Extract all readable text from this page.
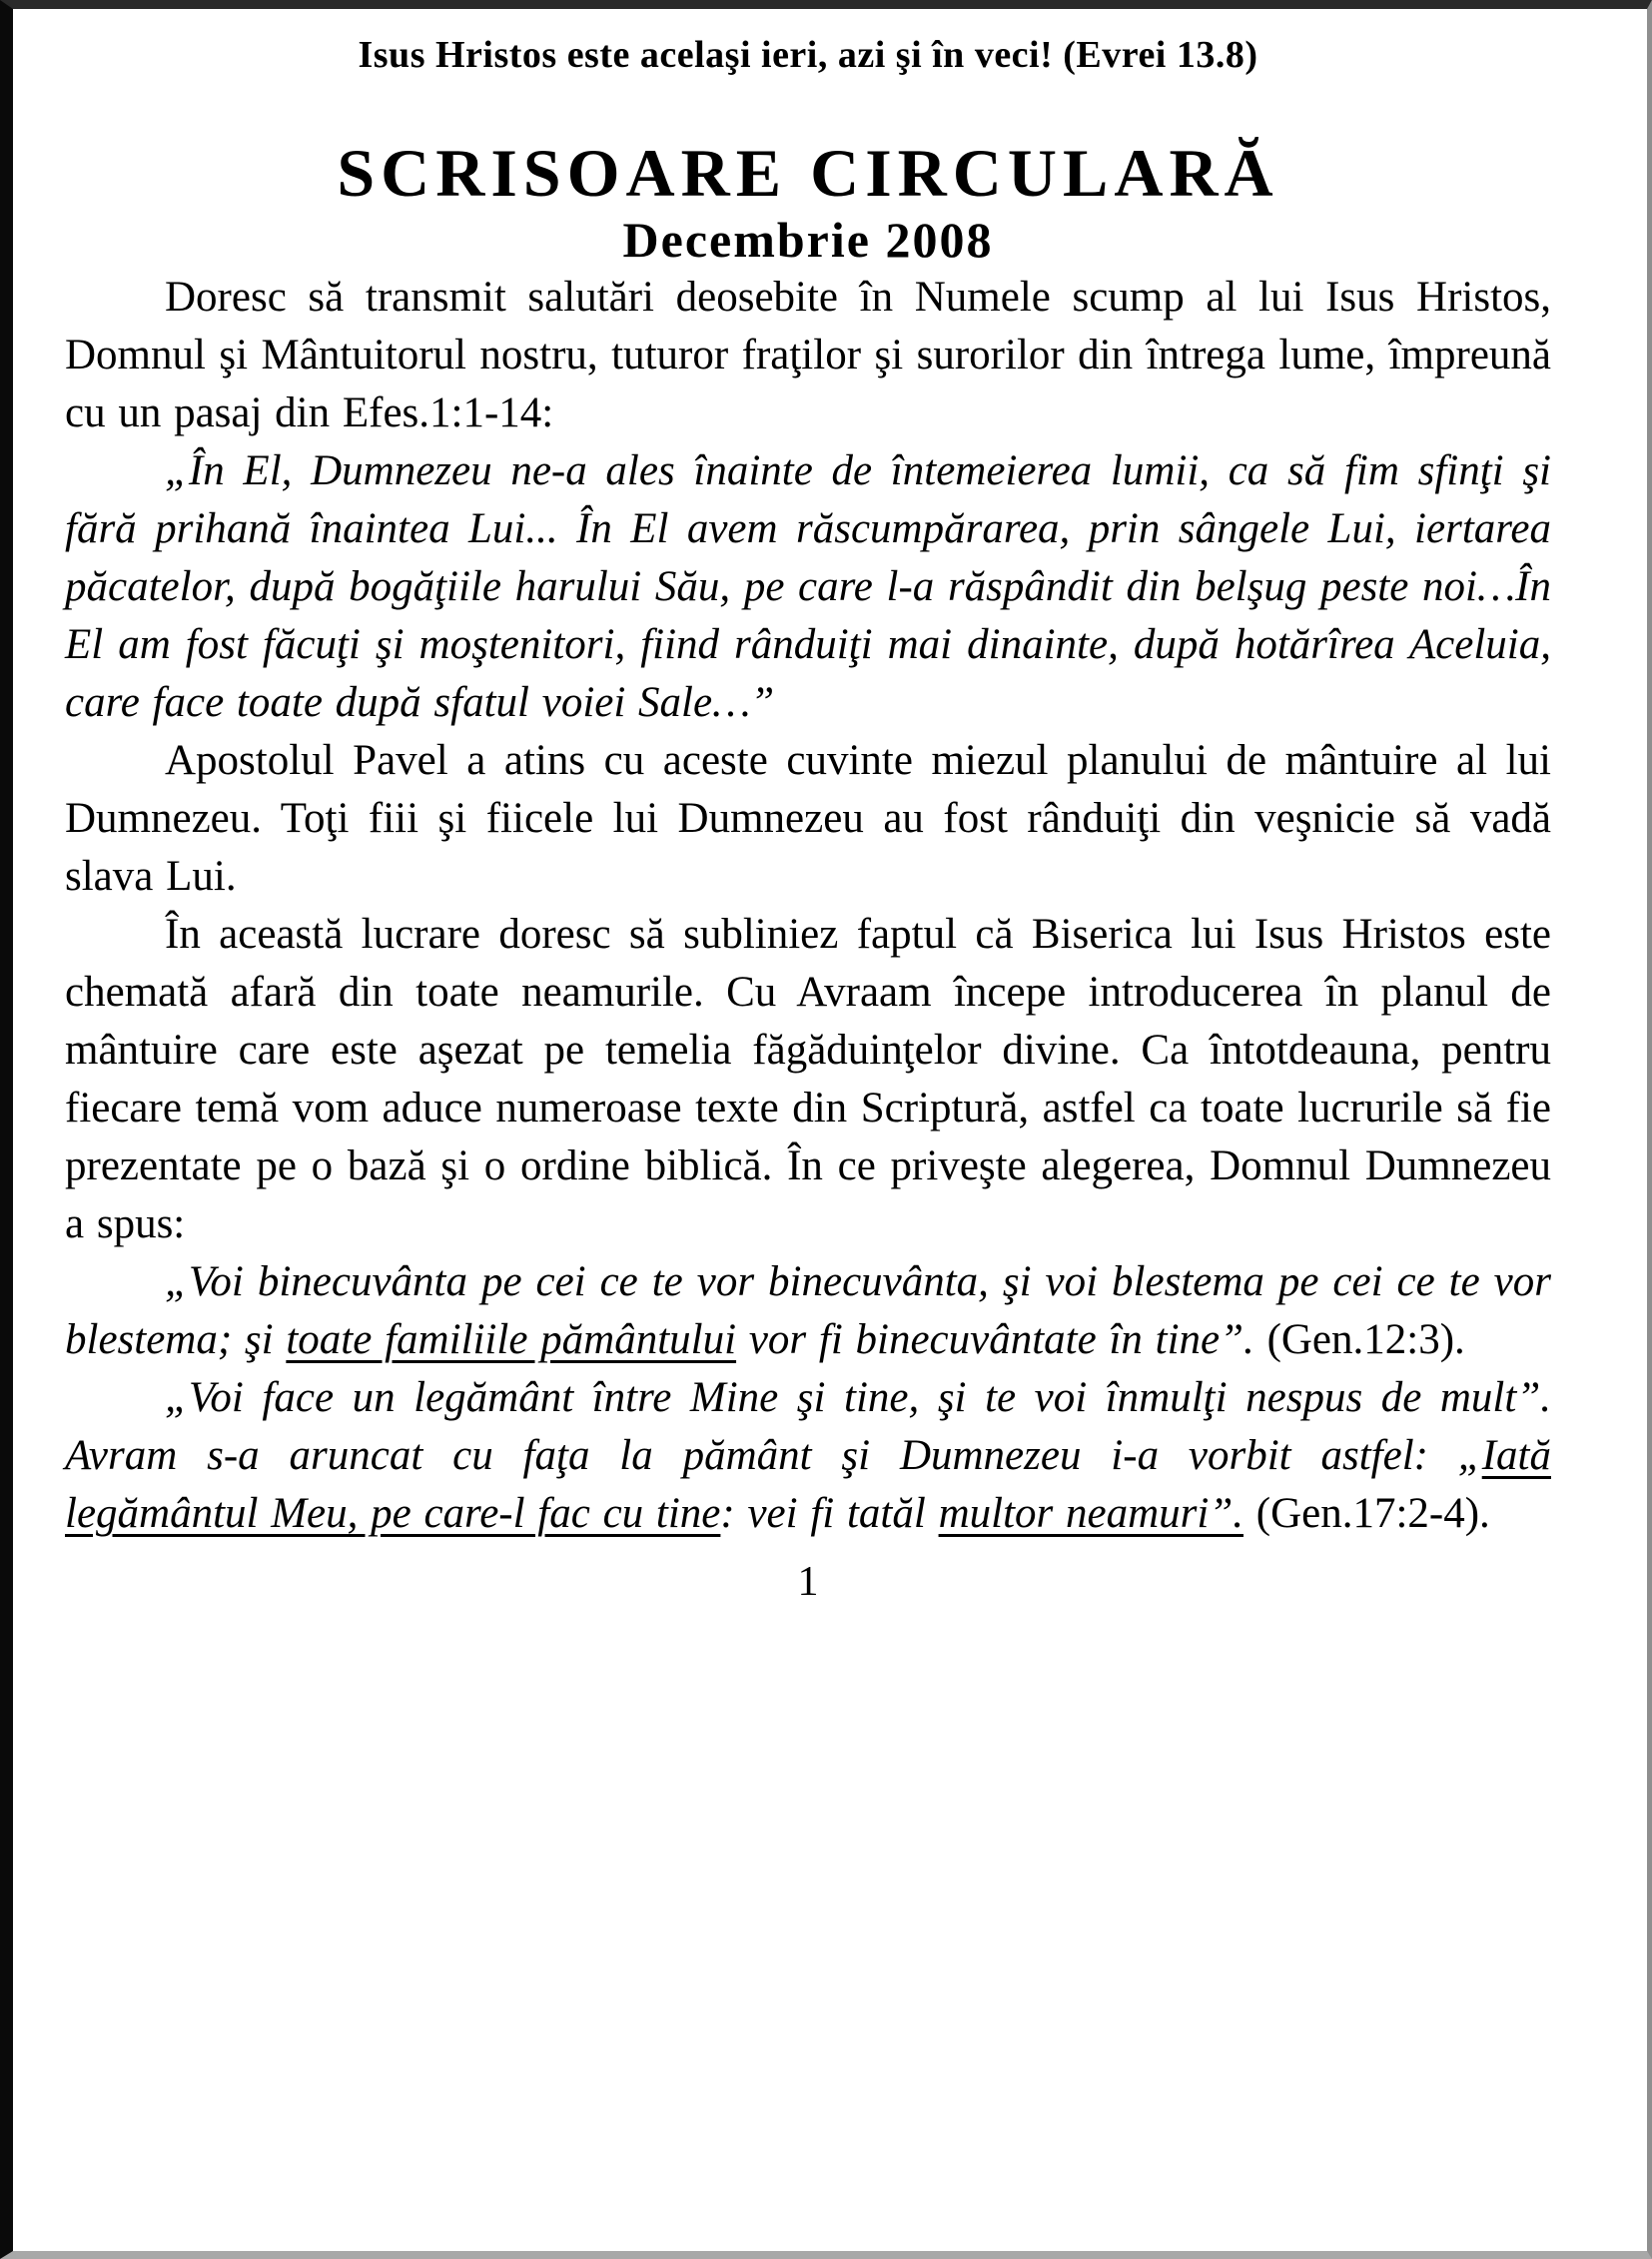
Isus Hristos este acelaşi ieri, azi şi în veci! (Evrei 13.8)
SCRISOARE CIRCULARĂ
Decembrie 2008

Doresc să transmit salutări deosebite în Numele scump al lui Isus Hristos, Domnul şi Mântuitorul nostru, tuturor fraţilor şi surorilor din întrega lume, împreună cu un pasaj din Efes.1:1-14:

„În El, Dumnezeu ne-a ales înainte de întemeierea lumii, ca să fim sfinţi şi fără prihană înaintea Lui... În El avem răscumpărarea, prin sângele Lui, iertarea păcatelor, după bogăţiile harului Său, pe care l-a răspândit din belşug peste noi…În El am fost făcuţi şi moştenitori, fiind rânduiţi mai dinainte, după hotărîrea Aceluia, care face toate după sfatul voiei Sale…”

Apostolul Pavel a atins cu aceste cuvinte miezul planului de mântuire al lui Dumnezeu. Toţi fiii şi fiicele lui Dumnezeu au fost rânduiţi din veşnicie să vadă slava Lui.

În această lucrare doresc să subliniez faptul că Biserica lui Isus Hristos este chemată afară din toate neamurile. Cu Avraam începe introducerea în planul de mântuire care este aşezat pe temelia făgăduinţelor divine. Ca întotdeauna, pentru fiecare temă vom aduce numeroase texte din Scriptură, astfel ca toate lucrurile să fie prezentate pe o bază şi o ordine biblică. În ce priveşte alegerea, Domnul Dumnezeu a spus:

„Voi binecuvânta pe cei ce te vor binecuvânta, şi voi blestema pe cei ce te vor blestema; şi toate familiile pământului vor fi binecuvântate în tine”. (Gen.12:3).

„Voi face un legământ între Mine şi tine, şi te voi înmulţi nespus de mult”. Avram s-a aruncat cu faţa la pământ şi Dumnezeu i-a vorbit astfel: „Iată legământul Meu, pe care-l fac cu tine: vei fi tatăl multor neamuri”. (Gen.17:2-4).

1
